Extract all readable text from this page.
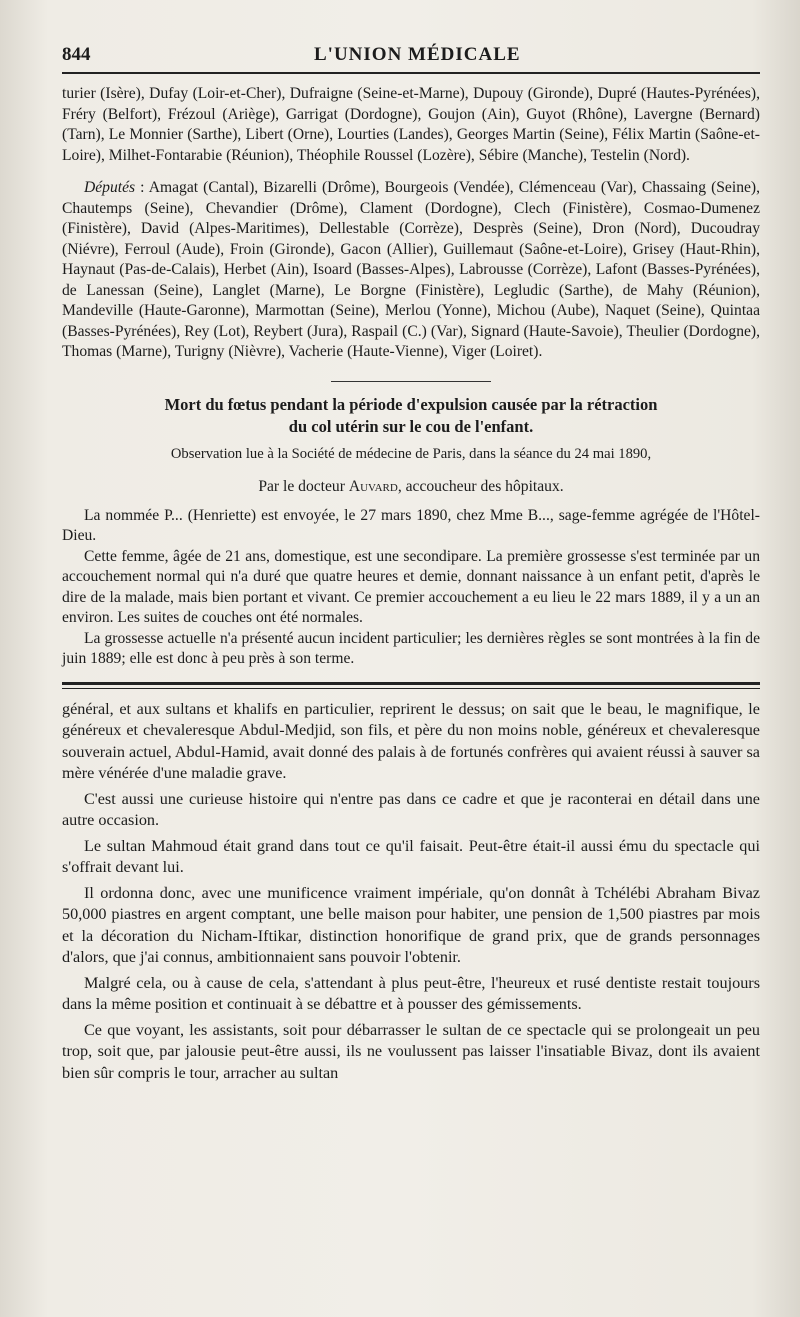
844	L'UNION MÉDICALE

turier (Isère), Dufay (Loir-et-Cher), Dufraigne (Seine-et-Marne), Dupouy (Gironde), Dupré (Hautes-Pyrénées), Fréry (Belfort), Frézoul (Ariège), Garrigat (Dordogne), Goujon (Ain), Guyot (Rhône), Lavergne (Bernard) (Tarn), Le Monnier (Sarthe), Libert (Orne), Lourties (Landes), Georges Martin (Seine), Félix Martin (Saône-et-Loire), Milhet-Fontarabie (Réunion), Théophile Roussel (Lozère), Sébire (Manche), Testelin (Nord).

Députés : Amagat (Cantal), Bizarelli (Drôme), Bourgeois (Vendée), Clémenceau (Var), Chassaing (Seine), Chautemps (Seine), Chevandier (Drôme), Clament (Dordogne), Clech (Finistère), Cosmao-Dumenez (Finistère), David (Alpes-Maritimes), Dellestable (Corrèze), Desprès (Seine), Dron (Nord), Ducoudray (Niévre), Ferroul (Aude), Froin (Gironde), Gacon (Allier), Guillemaut (Saône-et-Loire), Grisey (Haut-Rhin), Haynaut (Pas-de-Calais), Herbet (Ain), Isoard (Basses-Alpes), Labrousse (Corrèze), Lafont (Basses-Pyrénées), de Lanessan (Seine), Langlet (Marne), Le Borgne (Finistère), Legludic (Sarthe), de Mahy (Réunion), Mandeville (Haute-Garonne), Marmottan (Seine), Merlou (Yonne), Michou (Aube), Naquet (Seine), Quintaa (Basses-Pyrénées), Rey (Lot), Reybert (Jura), Raspail (C.) (Var), Signard (Haute-Savoie), Theulier (Dordogne), Thomas (Marne), Turigny (Nièvre), Vacherie (Haute-Vienne), Viger (Loiret).

Mort du fœtus pendant la période d'expulsion causée par la rétraction
du col utérin sur le cou de l'enfant.
Observation lue à la Société de médecine de Paris, dans la séance du 24 mai 1890,
Par le docteur Auvard, accoucheur des hôpitaux.

La nommée P... (Henriette) est envoyée, le 27 mars 1890, chez Mme B..., sage-femme agrégée de l'Hôtel-Dieu.

Cette femme, âgée de 21 ans, domestique, est une secondipare. La première grossesse s'est terminée par un accouchement normal qui n'a duré que quatre heures et demie, donnant naissance à un enfant petit, d'après le dire de la malade, mais bien portant et vivant. Ce premier accouchement a eu lieu le 22 mars 1889, il y a un an environ. Les suites de couches ont été normales.

La grossesse actuelle n'a présenté aucun incident particulier; les dernières règles se sont montrées à la fin de juin 1889; elle est donc à peu près à son terme.

général, et aux sultans et khalifs en particulier, reprirent le dessus; on sait que le beau, le magnifique, le généreux et chevaleresque Abdul-Medjid, son fils, et père du non moins noble, généreux et chevaleresque souverain actuel, Abdul-Hamid, avait donné des palais à de fortunés confrères qui avaient réussi à sauver sa mère vénérée d'une maladie grave.

C'est aussi une curieuse histoire qui n'entre pas dans ce cadre et que je raconterai en détail dans une autre occasion.

Le sultan Mahmoud était grand dans tout ce qu'il faisait. Peut-être était-il aussi ému du spectacle qui s'offrait devant lui.

Il ordonna donc, avec une munificence vraiment impériale, qu'on donnât à Tchélébi Abraham Bivaz 50,000 piastres en argent comptant, une belle maison pour habiter, une pension de 1,500 piastres par mois et la décoration du Nicham-Iftikar, distinction honorifique de grand prix, que de grands personnages d'alors, que j'ai connus, ambitionnaient sans pouvoir l'obtenir.

Malgré cela, ou à cause de cela, s'attendant à plus peut-être, l'heureux et rusé dentiste restait toujours dans la même position et continuait à se débattre et à pousser des gémissements.

Ce que voyant, les assistants, soit pour débarrasser le sultan de ce spectacle qui se prolongeait un peu trop, soit que, par jalousie peut-être aussi, ils ne voulussent pas laisser l'insatiable Bivaz, dont ils avaient bien sûr compris le tour, arracher au sultan
